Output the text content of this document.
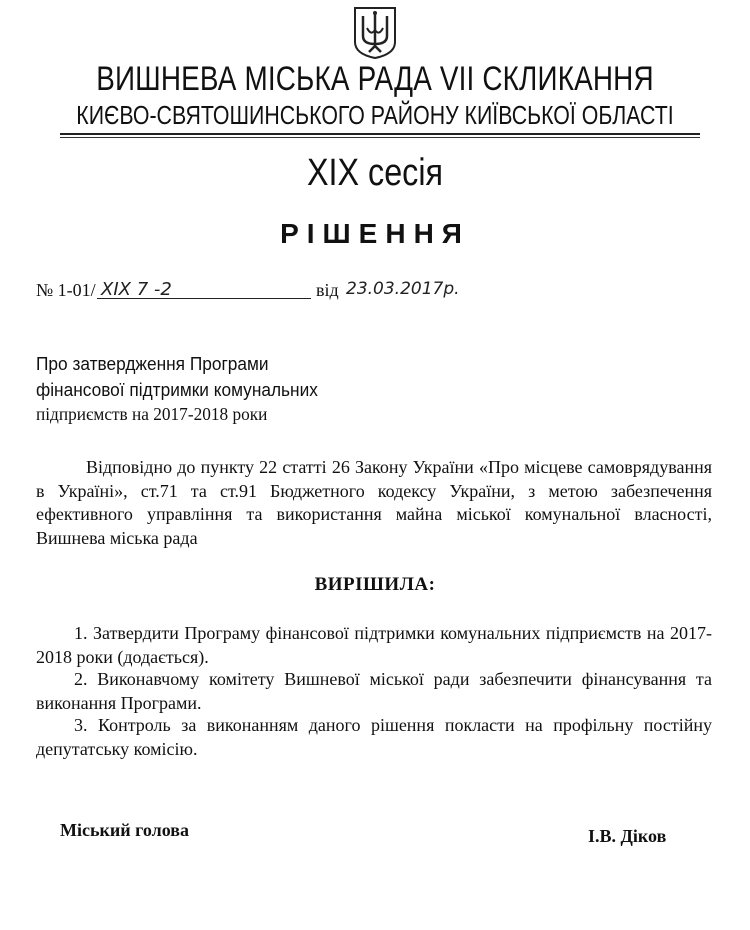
ВИШНЕВА МІСЬКА РАДА VII СКЛИКАННЯ
КИЄВО-СВЯТОШИНСЬКОГО РАЙОНУ КИЇВСЬКОЇ ОБЛАСТІ
XIX сесія
РІШЕННЯ
№ 1-01/ XIX 7 -2	від 23.03.2017р.
Про затвердження Програми
фінансової підтримки комунальних
підприємств на 2017-2018 роки
Відповідно до пункту 22 статті 26 Закону України «Про місцеве самоврядування в Україні», ст.71 та ст.91 Бюджетного кодексу України, з метою забезпечення ефективного управління та використання майна міської комунальної власності, Вишнева міська рада
ВИРІШИЛА:
1. Затвердити Програму фінансової підтримки комунальних підприємств на 2017-2018 роки (додається).
2. Виконавчому комітету Вишневої міської ради забезпечити фінансування та виконання Програми.
3. Контроль за виконанням даного рішення покласти на профільну постійну депутатську комісію.
Міський голова	І.В. Діков
